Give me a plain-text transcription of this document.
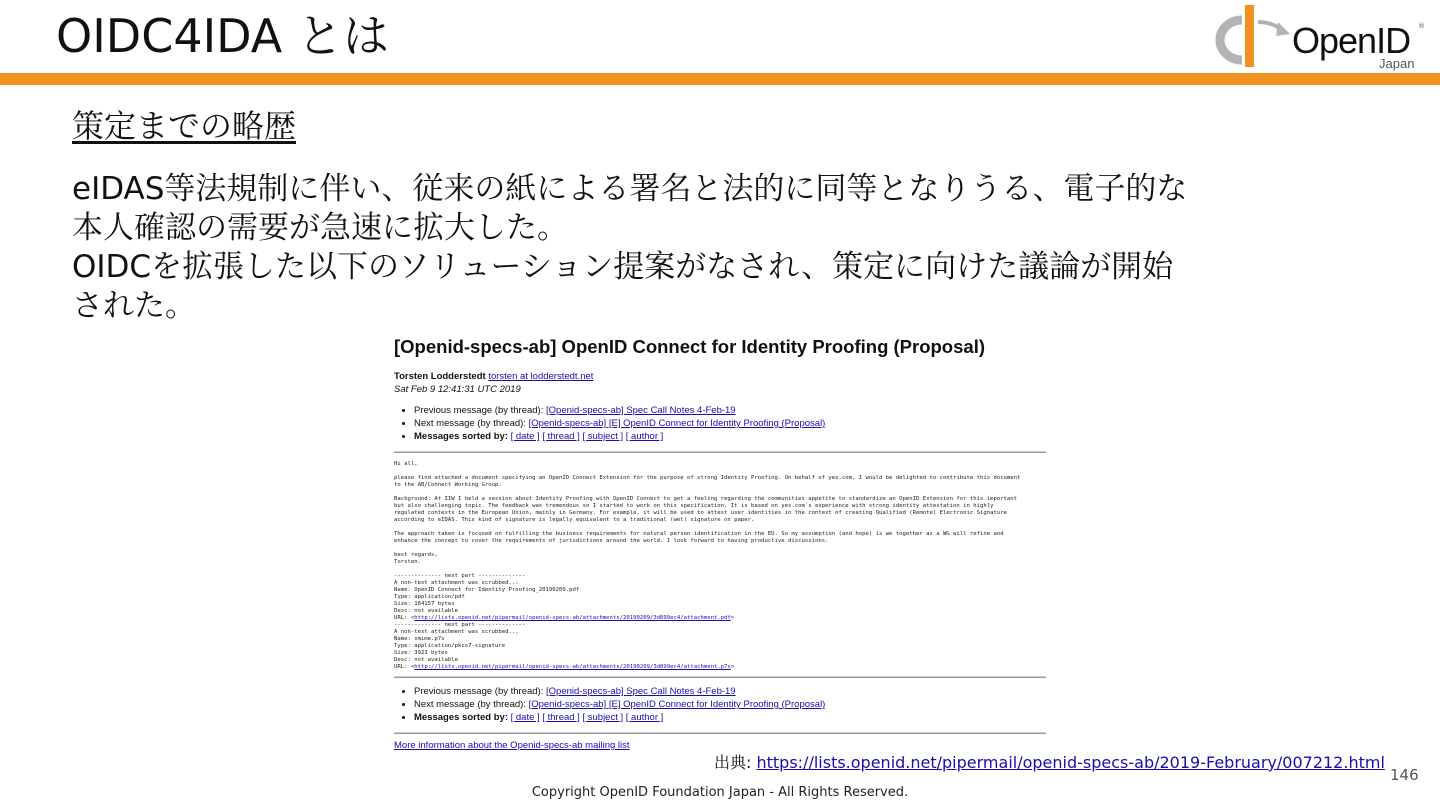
OIDC4IDA とは	OpenID ®
Japan
策定までの略歴

eIDAS等法規制に伴い、従来の紙による署名と法的に同等となりうる、電子的な

本人確認の需要が急速に拡大した。

OIDCを拡張した以下のソリューション提案がなされ、策定に向けた議論が開始

された。

[Openid-specs-ab] OpenID Connect for Identity Proofing (Proposal)
Torsten Lodderstedt torsten at lodderstedt.net
Sat Feb 9 12:41:31 UTC 2019
• Previous message (by thread): [Openid-specs-ab] Spec Call Notes 4-Feb-19
• Next message (by thread): [Openid-specs-ab] [E] OpenID Connect for Identity Proofing (Proposal)
• Messages sorted by: [ date ] [ thread ] [ subject ] [ author ]
Hi all,

please find attached a document specifying an OpenID Connect Extension for the purpose of strong Identity Proofing. On behalf of yes.com, I would be delighted to contribute this document
to the AB/Connect Working Group.

Background: At IIW I held a session about Identity Proofing with OpenID Connect to get a feeling regarding the communities appetite to standardize an OpenID Extension for this important
but also challenging topic. The feedback was tremendous so I started to work on this specification. It is based on yes.com´s experience with strong identity attestation in highly
regulated contexts in the European Union, mainly in Germany. For example, it will be used to attest user identities in the context of creating Qualified (Remote) Electronic Signature
according to eIDAS. This kind of signature is legally equivalent to a traditional (wet) signature on paper.

The approach taken is focused on fulfilling the business requirements for natural person identification in the EU. So my assumption (and hope) is we together as a WG will refine and
enhance the concept to cover the requirements of jurisdictions around the world. I look forward to having productive discussions.

best regards,
Torsten.

-------------- next part --------------
A non-text attachment was scrubbed...
Name: OpenID Connect for Identity Proofing_20190209.pdf
Type: application/pdf
Size: 164157 bytes
Desc: not available
URL: <http://lists.openid.net/pipermail/openid-specs-ab/attachments/20190209/3d899ec4/attachment.pdf>
-------------- next part --------------
A non-text attachment was scrubbed...
Name: smime.p7s
Type: application/pkcs7-signature
Size: 3923 bytes
Desc: not available
URL: <http://lists.openid.net/pipermail/openid-specs-ab/attachments/20190209/3d899ec4/attachment.p7s>
• Previous message (by thread): [Openid-specs-ab] Spec Call Notes 4-Feb-19
• Next message (by thread): [Openid-specs-ab] [E] OpenID Connect for Identity Proofing (Proposal)
• Messages sorted by: [ date ] [ thread ] [ subject ] [ author ]
More information about the Openid-specs-ab mailing list
出典: https://lists.openid.net/pipermail/openid-specs-ab/2019-February/007212.html
146
Copyright OpenID Foundation Japan - All Rights Reserved.
